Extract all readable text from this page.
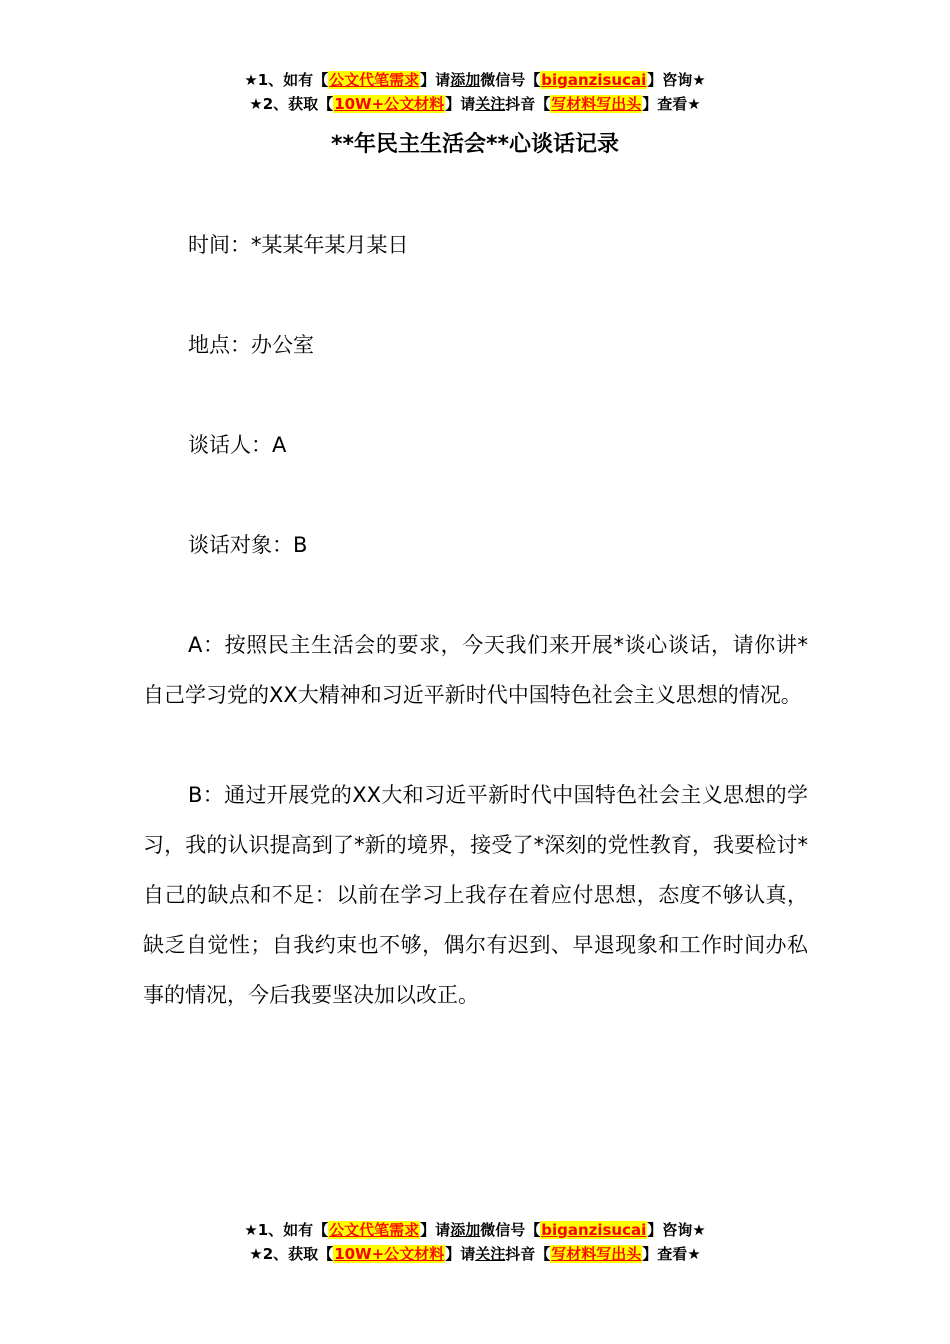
★1、如有【公文代笔需求】请添加微信号【biganzisucai】咨询★
★2、获取【10W+公文材料】请关注抖音【写材料写出头】查看★
**年民主生活会**心谈话记录

时间：*某某年某月某日

地点：办公室

谈话人：A

谈话对象：B

A：按照民主生活会的要求，今天我们来开展*谈心谈话，请你讲*自己学习党的XX大精神和习近平新时代中国特色社会主义思想的情况。

B：通过开展党的XX大和习近平新时代中国特色社会主义思想的学习，我的认识提高到了*新的境界，接受了*深刻的党性教育，我要检讨*自己的缺点和不足：以前在学习上我存在着应付思想，态度不够认真，缺乏自觉性；自我约束也不够，偶尔有迟到、早退现象和工作时间办私事的情况，今后我要坚决加以改正。

★1、如有【公文代笔需求】请添加微信号【biganzisucai】咨询★
★2、获取【10W+公文材料】请关注抖音【写材料写出头】查看★
